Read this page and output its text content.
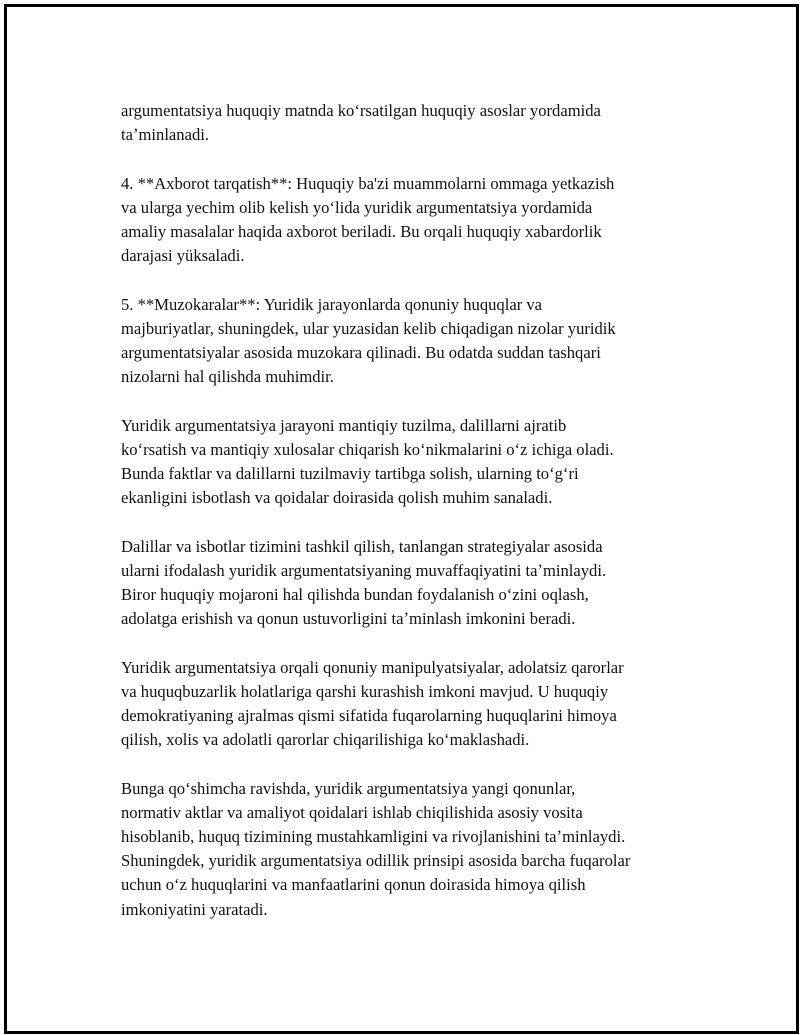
argumentatsiya huquqiy matnda koʻrsatilgan huquqiy asoslar yordamida
taʼminlanadi.

4. **Axborot tarqatish**: Huquqiy ba'zi muammolarni ommaga yetkazish
va ularga yechim olib kelish yoʻlida yuridik argumentatsiya yordamida
amaliy masalalar haqida axborot beriladi. Bu orqali huquqiy xabardorlik
darajasi yüksaladi.

5. **Muzokaralar**: Yuridik jarayonlarda qonuniy huquqlar va
majburiyatlar, shuningdek, ular yuzasidan kelib chiqadigan nizolar yuridik
argumentatsiyalar asosida muzokara qilinadi. Bu odatda suddan tashqari
nizolarni hal qilishda muhimdir.

Yuridik argumentatsiya jarayoni mantiqiy tuzilma, dalillarni ajratib
koʻrsatish va mantiqiy xulosalar chiqarish koʻnikmalarini oʻz ichiga oladi.
Bunda faktlar va dalillarni tuzilmaviy tartibga solish, ularning toʻgʻri
ekanligini isbotlash va qoidalar doirasida qolish muhim sanaladi.

Dalillar va isbotlar tizimini tashkil qilish, tanlangan strategiyalar asosida
ularni ifodalash yuridik argumentatsiyaning muvaffaqiyatini taʼminlaydi.
Biror huquqiy mojaroni hal qilishda bundan foydalanish oʻzini oqlash,
adolatga erishish va qonun ustuvorligini taʼminlash imkonini beradi.

Yuridik argumentatsiya orqali qonuniy manipulyatsiyalar, adolatsiz qarorlar
va huquqbuzarlik holatlariga qarshi kurashish imkoni mavjud. U huquqiy
demokratiyaning ajralmas qismi sifatida fuqarolarning huquqlarini himoya
qilish, xolis va adolatli qarorlar chiqarilishiga koʻmaklashadi.

Bunga qoʻshimcha ravishda, yuridik argumentatsiya yangi qonunlar,
normativ aktlar va amaliyot qoidalari ishlab chiqilishida asosiy vosita
hisoblanib, huquq tizimining mustahkamligini va rivojlanishini taʼminlaydi.
Shuningdek, yuridik argumentatsiya odillik prinsipi asosida barcha fuqarolar
uchun oʻz huquqlarini va manfaatlarini qonun doirasida himoya qilish
imkoniyatini yaratadi.
